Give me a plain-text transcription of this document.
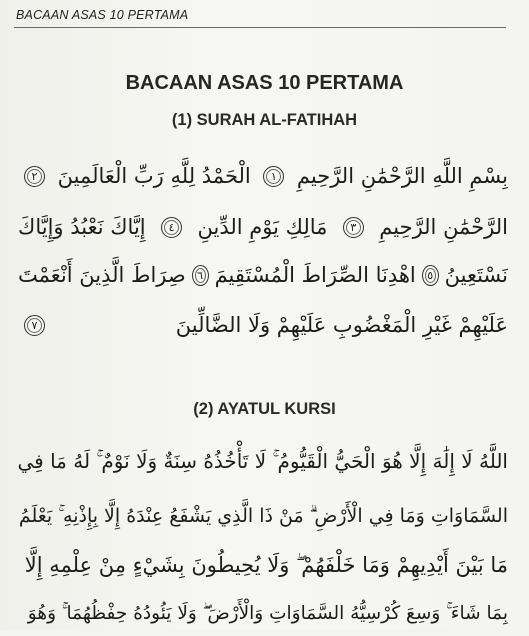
BACAAN ASAS 10 PERTAMA
BACAAN ASAS 10 PERTAMA
(1) SURAH AL-FATIHAH
بِسْمِ اللَّهِ الرَّحْمَٰنِ الرَّحِيمِ
١
الْحَمْدُ لِلَّهِ رَبِّ الْعَالَمِينَ
٢
الرَّحْمَٰنِ الرَّحِيمِ
٣
مَالِكِ يَوْمِ الدِّينِ
٤
إِيَّاكَ نَعْبُدُ وَإِيَّاكَ
نَسْتَعِينُ
٥
اهْدِنَا الصِّرَاطَ الْمُسْتَقِيمَ
٦
صِرَاطَ الَّذِينَ أَنْعَمْتَ
عَلَيْهِمْ غَيْرِ الْمَغْضُوبِ عَلَيْهِمْ وَلَا الضَّالِّينَ
٧
(2) AYATUL KURSI
اللَّهُ لَا إِلَٰهَ إِلَّا هُوَ الْحَيُّ الْقَيُّومُ ۚ لَا تَأْخُذُهُ سِنَةٌ وَلَا نَوْمٌ ۚ لَهُ مَا فِي
السَّمَاوَاتِ وَمَا فِي الْأَرْضِ ۗ مَنْ ذَا الَّذِي يَشْفَعُ عِنْدَهُ إِلَّا بِإِذْنِهِ ۚ يَعْلَمُ
مَا بَيْنَ أَيْدِيهِمْ وَمَا خَلْفَهُمْ ۖ وَلَا يُحِيطُونَ بِشَيْءٍ مِنْ عِلْمِهِ إِلَّا
بِمَا شَاءَ ۚ وَسِعَ كُرْسِيُّهُ السَّمَاوَاتِ وَالْأَرْضَ ۖ وَلَا يَئُودُهُ حِفْظُهُمَا ۚ وَهُوَ
